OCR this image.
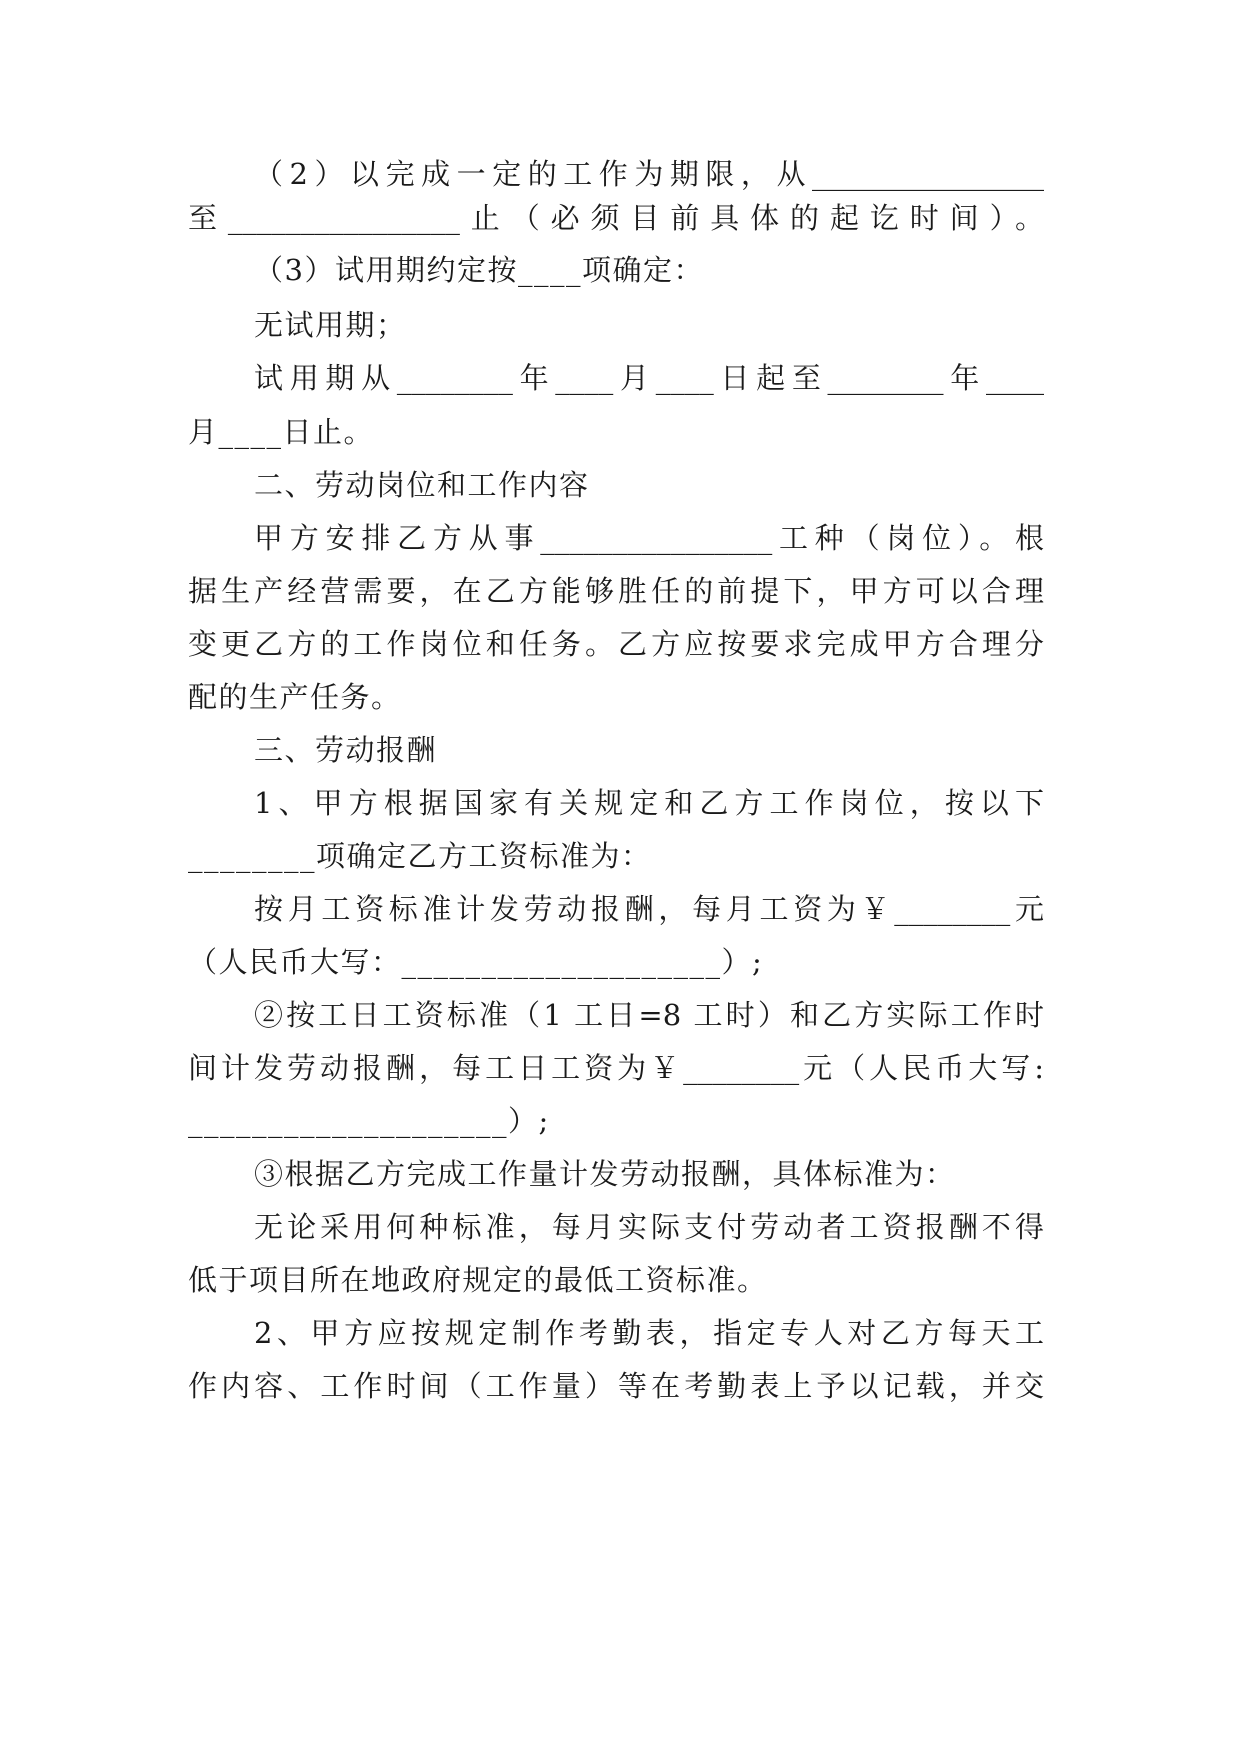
（2）以完成一定的工作为期限，从________________
至________________止（必须目前具体的起讫时间）。
（3）试用期约定按____项确定：
无试用期；
试用期从________年____月____日起至________年____
月____日止。
二、劳动岗位和工作内容
甲方安排乙方从事________________工种（岗位）。根
据生产经营需要，在乙方能够胜任的前提下，甲方可以合理
变更乙方的工作岗位和任务。乙方应按要求完成甲方合理分
配的生产任务。
三、劳动报酬
1、甲方根据国家有关规定和乙方工作岗位，按以下
________项确定乙方工资标准为：
按月工资标准计发劳动报酬，每月工资为￥________元
（人民币大写：____________________）;
②按工日工资标准（1 工日=8 工时）和乙方实际工作时
间计发劳动报酬，每工日工资为￥________元（人民币大写:
____________________）;
③根据乙方完成工作量计发劳动报酬，具体标准为：
无论采用何种标准，每月实际支付劳动者工资报酬不得
低于项目所在地政府规定的最低工资标准。
2、甲方应按规定制作考勤表，指定专人对乙方每天工
作内容、工作时间（工作量）等在考勤表上予以记载，并交
